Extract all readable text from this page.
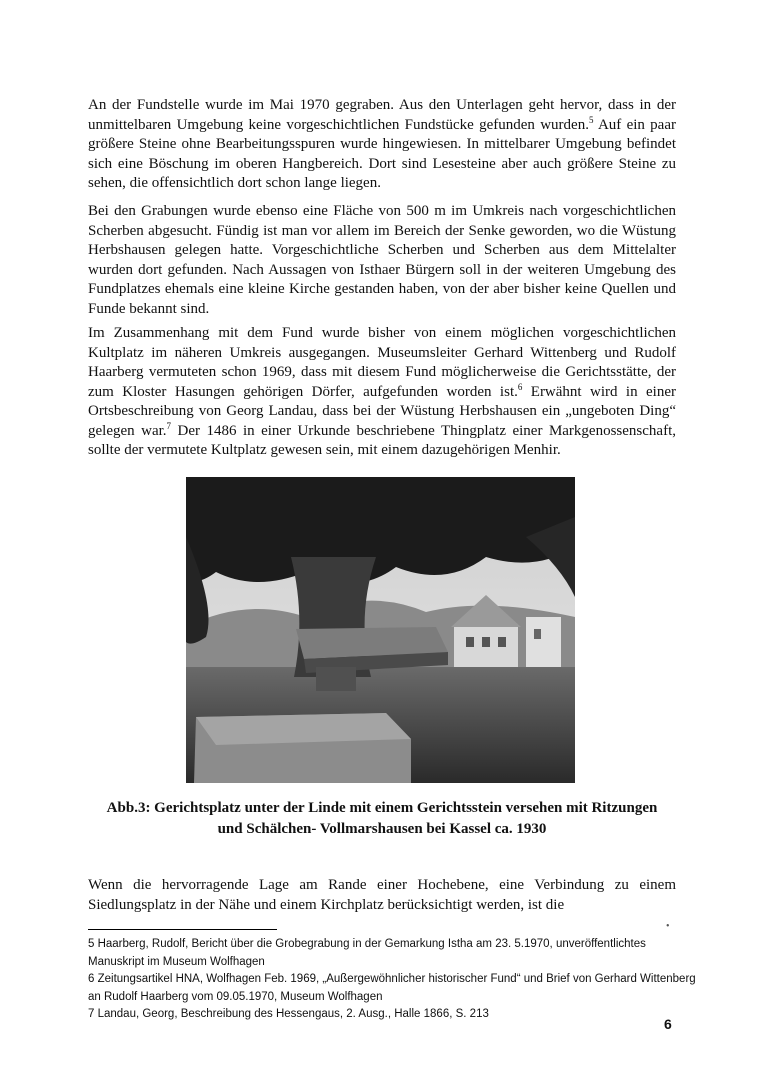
An der Fundstelle wurde im Mai 1970 gegraben. Aus den Unterlagen geht hervor, dass in der unmittelbaren Umgebung keine vorgeschichtlichen Fundstücke gefunden wurden.$^5$ Auf ein paar größere Steine ohne Bearbeitungsspuren wurde hingewiesen. In mittelbarer Umgebung befindet sich eine Böschung im oberen Hangbereich. Dort sind Lesesteine aber auch größere Steine zu sehen, die offensichtlich dort schon lange liegen.

Bei den Grabungen wurde ebenso eine Fläche von 500 m im Umkreis nach vorgeschichtlichen Scherben abgesucht. Fündig ist man vor allem im Bereich der Senke geworden, wo die Wüstung Herbshausen gelegen hatte. Vorgeschichtliche Scherben und Scherben aus dem Mittelalter wurden dort gefunden. Nach Aussagen von Isthaer Bürgern soll in der weiteren Umgebung des Fundplatzes ehemals eine kleine Kirche gestanden haben, von der aber bisher keine Quellen und Funde bekannt sind.

Im Zusammenhang mit dem Fund wurde bisher von einem möglichen vorgeschichtlichen Kultplatz im näheren Umkreis ausgegangen. Museumsleiter Gerhard Wittenberg und Rudolf Haarberg vermuteten schon 1969, dass mit diesem Fund möglicherweise die Gerichtsstätte, der zum Kloster Hasungen gehörigen Dörfer, aufgefunden worden ist.$^6$ Erwähnt wird in einer Ortsbeschreibung von Georg Landau, dass bei der Wüstung Herbshausen ein „ungeboten Ding“ gelegen war.$^7$ Der 1486 in einer Urkunde beschriebene Thingplatz einer Markgenossenschaft, sollte der vermutete Kultplatz gewesen sein, mit einem dazugehörigen Menhir.

Abb.3: Gerichtsplatz unter der Linde mit einem Gerichtsstein versehen mit Ritzungen
und Schälchen- Vollmarshausen bei Kassel ca. 1930

Wenn die hervorragende Lage am Rande einer Hochebene, eine Verbindung zu einem Siedlungsplatz in der Nähe und einem Kirchplatz berücksichtigt werden, ist die

•
5 Haarberg, Rudolf, Bericht über die Grobegrabung in der Gemarkung Istha am 23. 5.1970, unveröffentlichtes Manuskript im Museum Wolfhagen
6 Zeitungsartikel HNA, Wolfhagen Feb. 1969, „Außergewöhnlicher historischer Fund“ und Brief von Gerhard Wittenberg an Rudolf Haarberg vom 09.05.1970, Museum Wolfhagen
7 Landau, Georg, Beschreibung des Hessengaus, 2. Ausg., Halle 1866, S. 213
6
